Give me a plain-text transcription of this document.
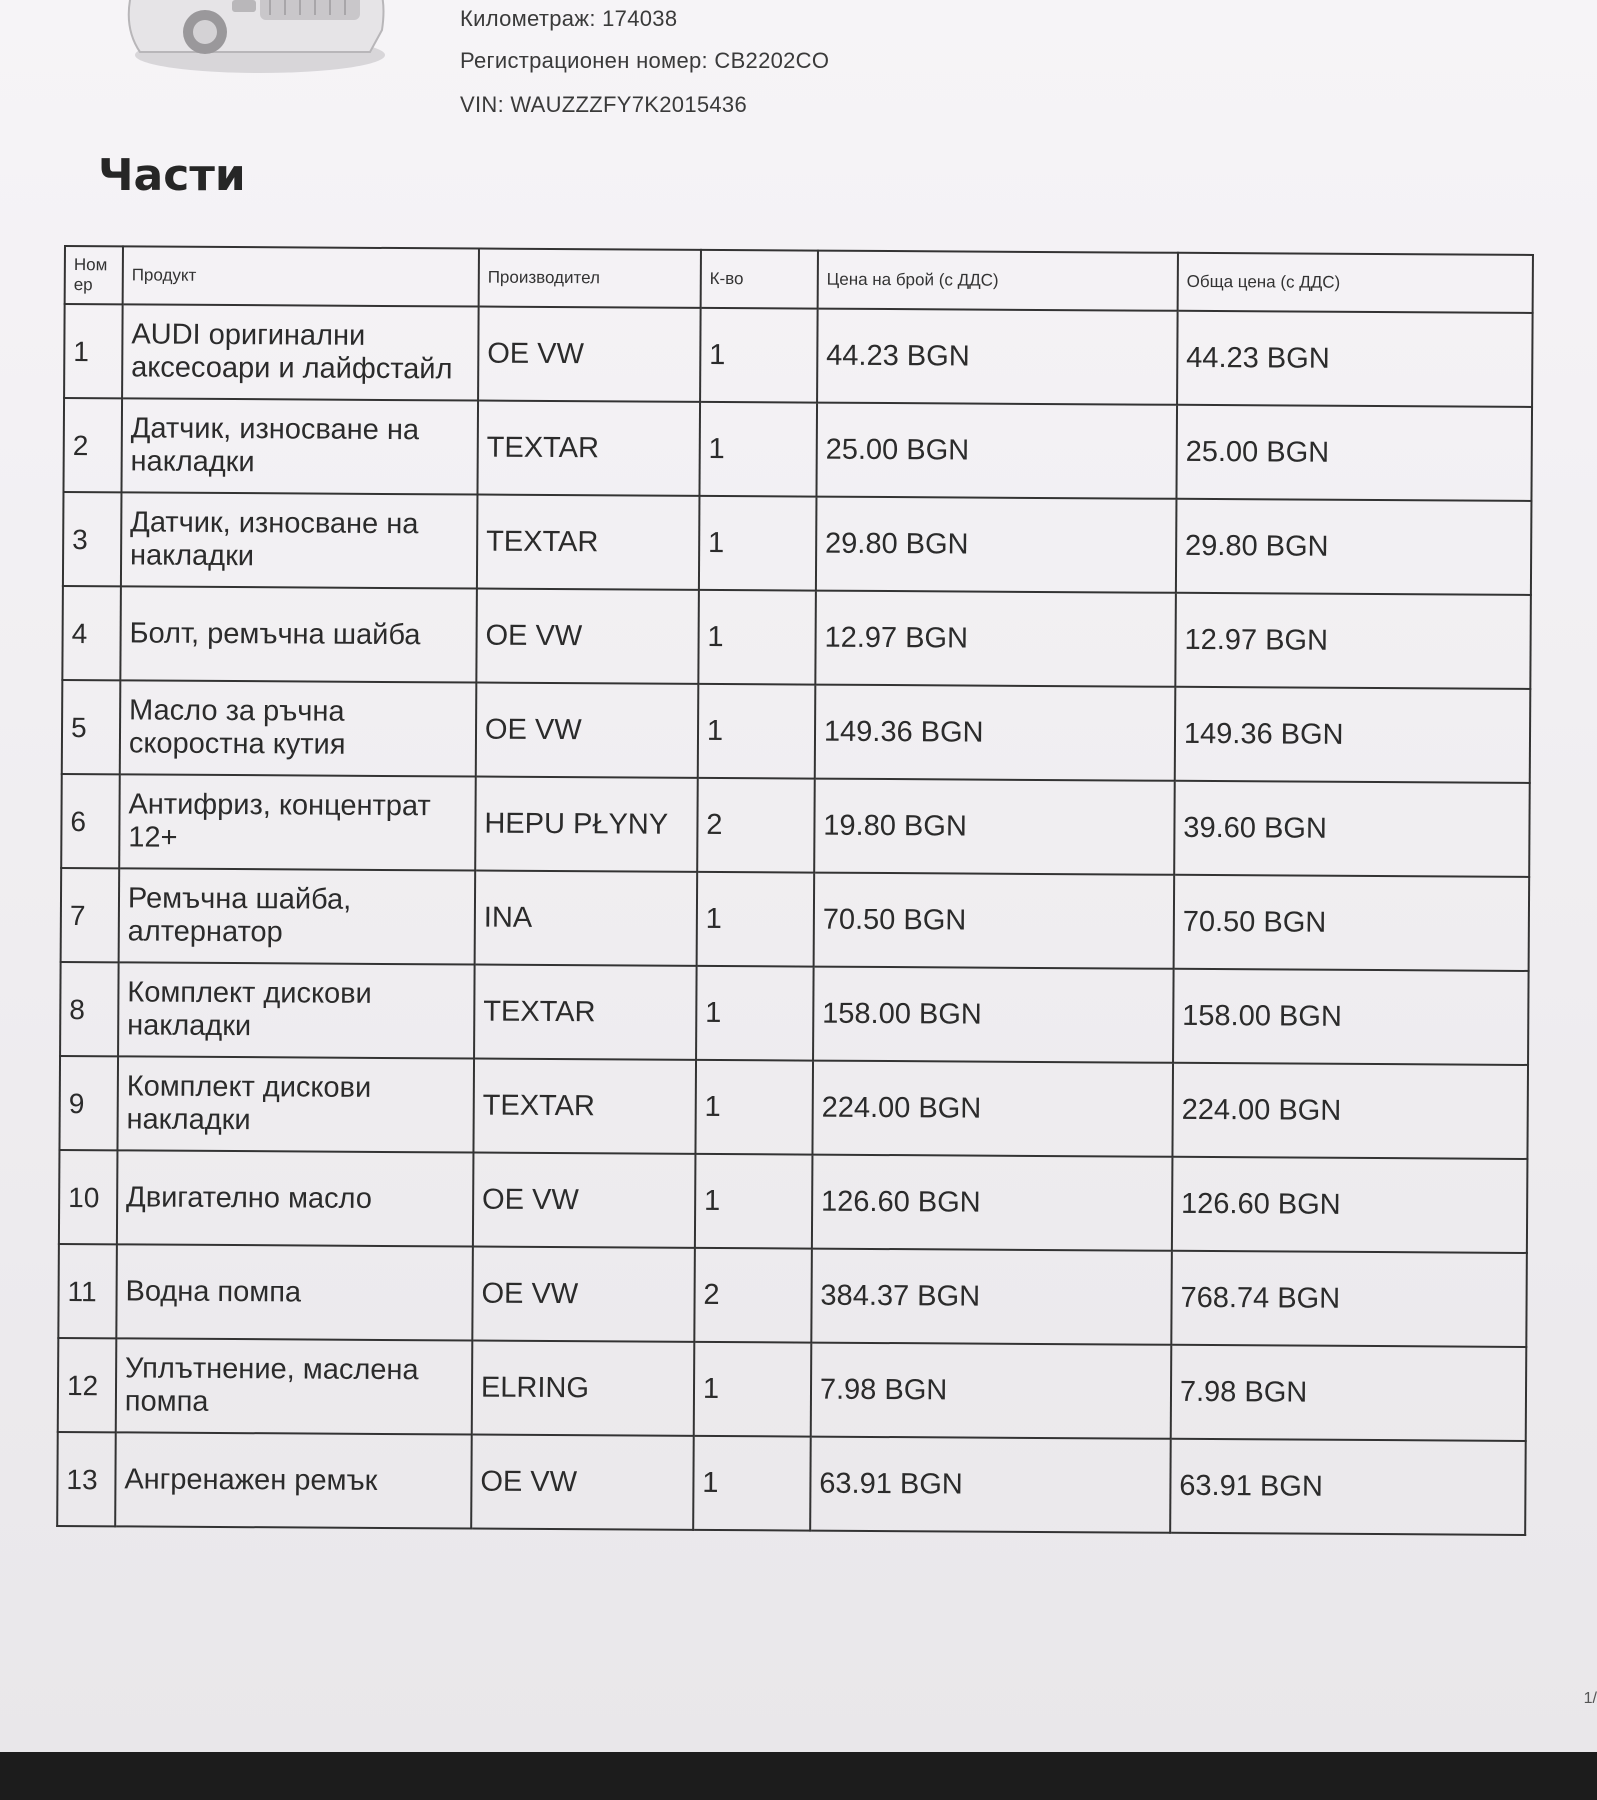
Километраж: 174038
Регистрационен номер: CB2202CO
VIN: WAUZZZFY7K2015436
Части
Ном ер	Продукт	Производител	К-во	Цена на брой (с ДДС)	Обща цена (с ДДС)
1	AUDI оригинални аксесоари и лайфстайл	OE VW	1	44.23 BGN	44.23 BGN
2	Датчик, износване на накладки	TEXTAR	1	25.00 BGN	25.00 BGN
3	Датчик, износване на накладки	TEXTAR	1	29.80 BGN	29.80 BGN
4	Болт, ремъчна шайба	OE VW	1	12.97 BGN	12.97 BGN
5	Масло за ръчна скоростна кутия	OE VW	1	149.36 BGN	149.36 BGN
6	Антифриз, концентрат 12+	HEPU PŁYNY	2	19.80 BGN	39.60 BGN
7	Ремъчна шайба, алтернатор	INA	1	70.50 BGN	70.50 BGN
8	Комплект дискови накладки	TEXTAR	1	158.00 BGN	158.00 BGN
9	Комплект дискови накладки	TEXTAR	1	224.00 BGN	224.00 BGN
10	Двигателно масло	OE VW	1	126.60 BGN	126.60 BGN
11	Водна помпа	OE VW	2	384.37 BGN	768.74 BGN
12	Уплътнение, маслена помпа	ELRING	1	7.98 BGN	7.98 BGN
13	Ангренажен ремък	OE VW	1	63.91 BGN	63.91 BGN
1/
